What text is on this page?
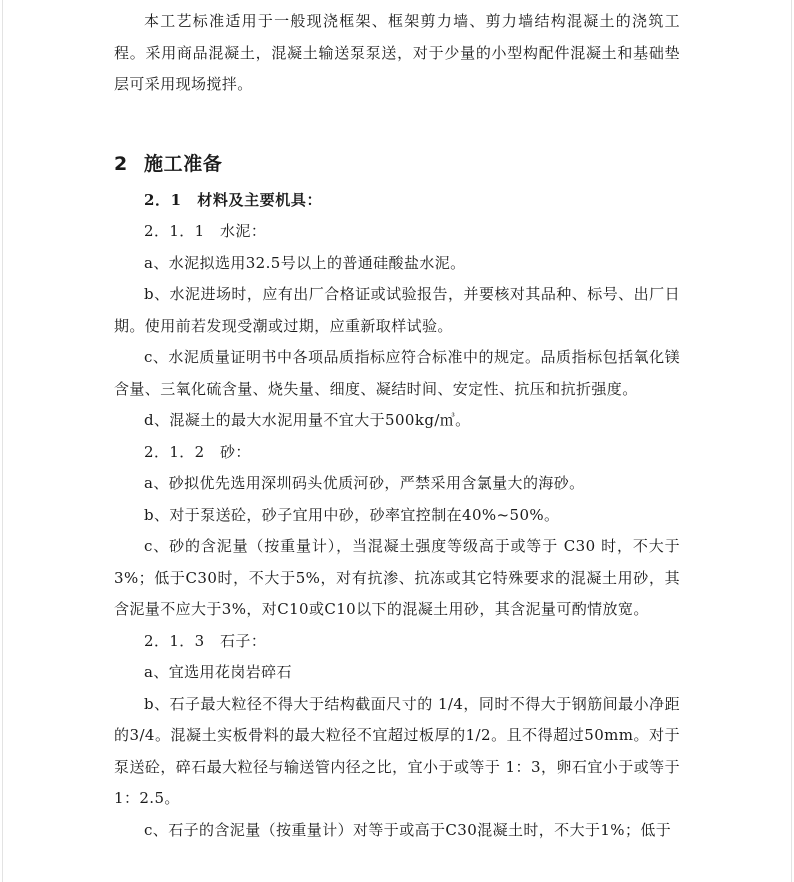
本工艺标准适用于一般现浇框架、框架剪力墙、剪力墙结构混凝土的浇筑工程。采用商品混凝土，混凝土输送泵泵送，对于少量的小型构配件混凝土和基础垫层可采用现场搅拌。

2 施工准备

2．1　材料及主要机具：

2．1．1　水泥：

a、水泥拟选用32.5号以上的普通硅酸盐水泥。

b、水泥进场时，应有出厂合格证或试验报告，并要核对其品种、标号、出厂日期。使用前若发现受潮或过期，应重新取样试验。

c、水泥质量证明书中各项品质指标应符合标准中的规定。品质指标包括氧化镁含量、三氧化硫含量、烧失量、细度、凝结时间、安定性、抗压和抗折强度。

d、混凝土的最大水泥用量不宜大于500kg/㎥。

2．1．2　砂：

a、砂拟优先选用深圳码头优质河砂，严禁采用含氯量大的海砂。

b、对于泵送砼，砂子宜用中砂，砂率宜控制在40%~50%。

c、砂的含泥量（按重量计），当混凝土强度等级高于或等于 C30 时，不大于3%；低于C30时，不大于5%，对有抗渗、抗冻或其它特殊要求的混凝土用砂，其含泥量不应大于3%，对C10或C10以下的混凝土用砂，其含泥量可酌情放宽。

2．1．3　石子：

a、宜选用花岗岩碎石

b、石子最大粒径不得大于结构截面尺寸的 1/4，同时不得大于钢筋间最小净距的3/4。混凝土实板骨料的最大粒径不宜超过板厚的1/2。且不得超过50mm。对于泵送砼，碎石最大粒径与输送管内径之比，宜小于或等于 1：3，卵石宜小于或等于1：2.5。

c、石子的含泥量（按重量计）对等于或高于C30混凝土时，不大于1%；低于
